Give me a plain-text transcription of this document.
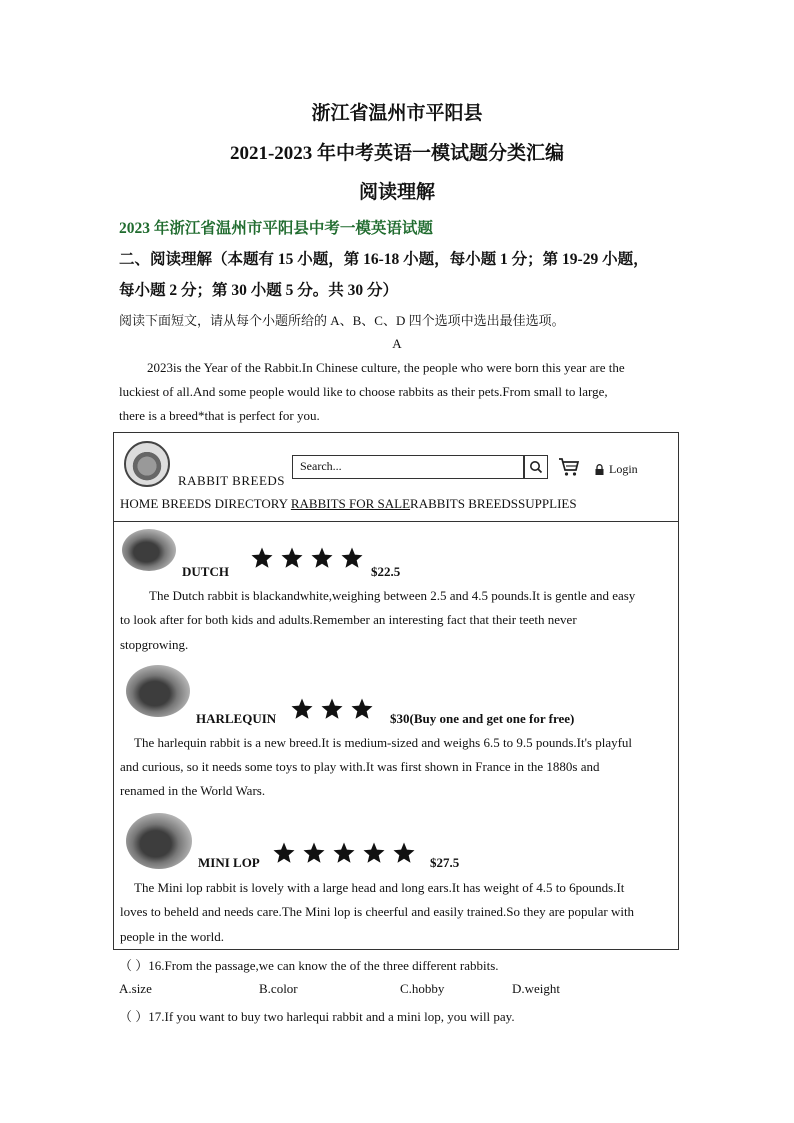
浙江省温州市平阳县
2021-2023 年中考英语一模试题分类汇编
阅读理解
2023 年浙江省温州市平阳县中考一模英语试题
二、阅读理解（本题有 15 小题，第 16-18 小题，每小题 1 分；第 19-29 小题，
每小题 2 分；第 30 小题 5 分。共 30 分）
阅读下面短文，请从每个小题所给的 A、B、C、D 四个选项中选出最佳选项。
A
2023is the Year of the Rabbit.In Chinese culture, the people who were born this year are the
luckiest of all.And some people would like to choose rabbits as their pets.From small to large,
there is a breed*that is perfect for you.
RABBIT BREEDS
Search...	Login
HOME BREEDS DIRECTORY RABBITS FOR SALERABBITS BREEDSSUPPLIES
DUTCH	$22.5
The Dutch rabbit is blackandwhite,weighing between 2.5 and 4.5 pounds.It is gentle and easy
to look after for both kids and adults.Remember an interesting fact that their teeth never
stopgrowing.
HARLEQUIN	$30(Buy one and get one for free)
The harlequin rabbit is a new breed.It is medium-sized and weighs 6.5 to 9.5 pounds.It's playful
and curious, so it needs some toys to play with.It was first shown in France in the 1880s and
renamed in the World Wars.
MINI LOP	$27.5
The Mini lop rabbit is lovely with a large head and long ears.It has weight of 4.5 to 6pounds.It
loves to beheld and needs care.The Mini lop is cheerful and easily trained.So they are popular with
people in the world.
（ ）16.From the passage,we can know the of the three different rabbits.
A.size	B.color	C.hobby	D.weight
（ ）17.If you want to buy two harlequi rabbit and a mini lop, you will pay.
